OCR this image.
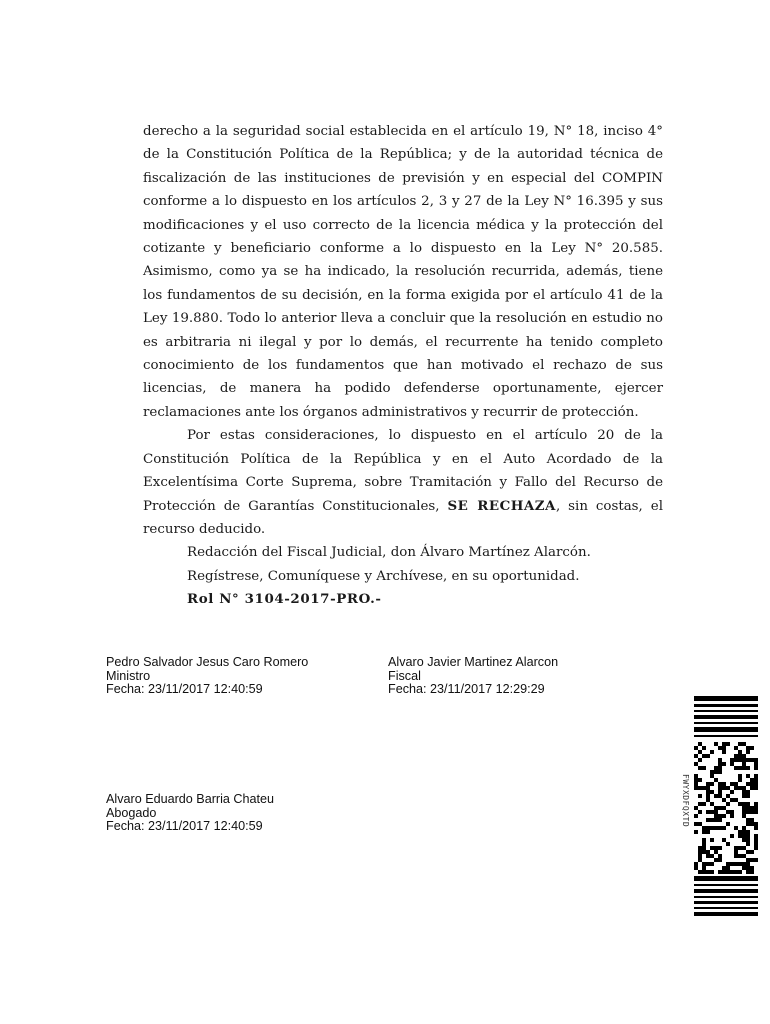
derecho a la seguridad social establecida en el artículo 19, N° 18, inciso 4° de la Constitución Política de la República; y de la autoridad técnica de fiscalización de las instituciones de previsión y en especial del COMPIN conforme a lo dispuesto en los artículos 2, 3 y 27 de la Ley N° 16.395 y sus modificaciones y el uso correcto de la licencia médica y la protección del cotizante y beneficiario conforme a lo dispuesto en la Ley N° 20.585. Asimismo, como ya se ha indicado, la resolución recurrida, además, tiene los fundamentos de su decisión, en la forma exigida por el artículo 41 de la Ley 19.880. Todo lo anterior lleva a concluir que la resolución en estudio no es arbitraria ni ilegal y por lo demás, el recurrente ha tenido completo conocimiento de los fundamentos que han motivado el rechazo de sus licencias, de manera ha podido defenderse oportunamente, ejercer reclamaciones ante los órganos administrativos y recurrir de protección.

Por estas consideraciones, lo dispuesto en el artículo 20 de la Constitución Política de la República y en el Auto Acordado de la Excelentísima Corte Suprema, sobre Tramitación y Fallo del Recurso de Protección de Garantías Constitucionales, SE RECHAZA, sin costas, el recurso deducido.

Redacción del Fiscal Judicial, don Álvaro Martínez Alarcón.

Regístrese, Comuníquese y Archívese, en su oportunidad.

Rol N° 3104-2017-PRO.-

Pedro Salvador Jesus Caro Romero
Ministro
Fecha: 23/11/2017 12:40:59
Alvaro Javier Martinez Alarcon
Fiscal
Fecha: 23/11/2017 12:29:29
Alvaro Eduardo Barria Chateu
Abogado
Fecha: 23/11/2017 12:40:59	FWYXDFQXTD
